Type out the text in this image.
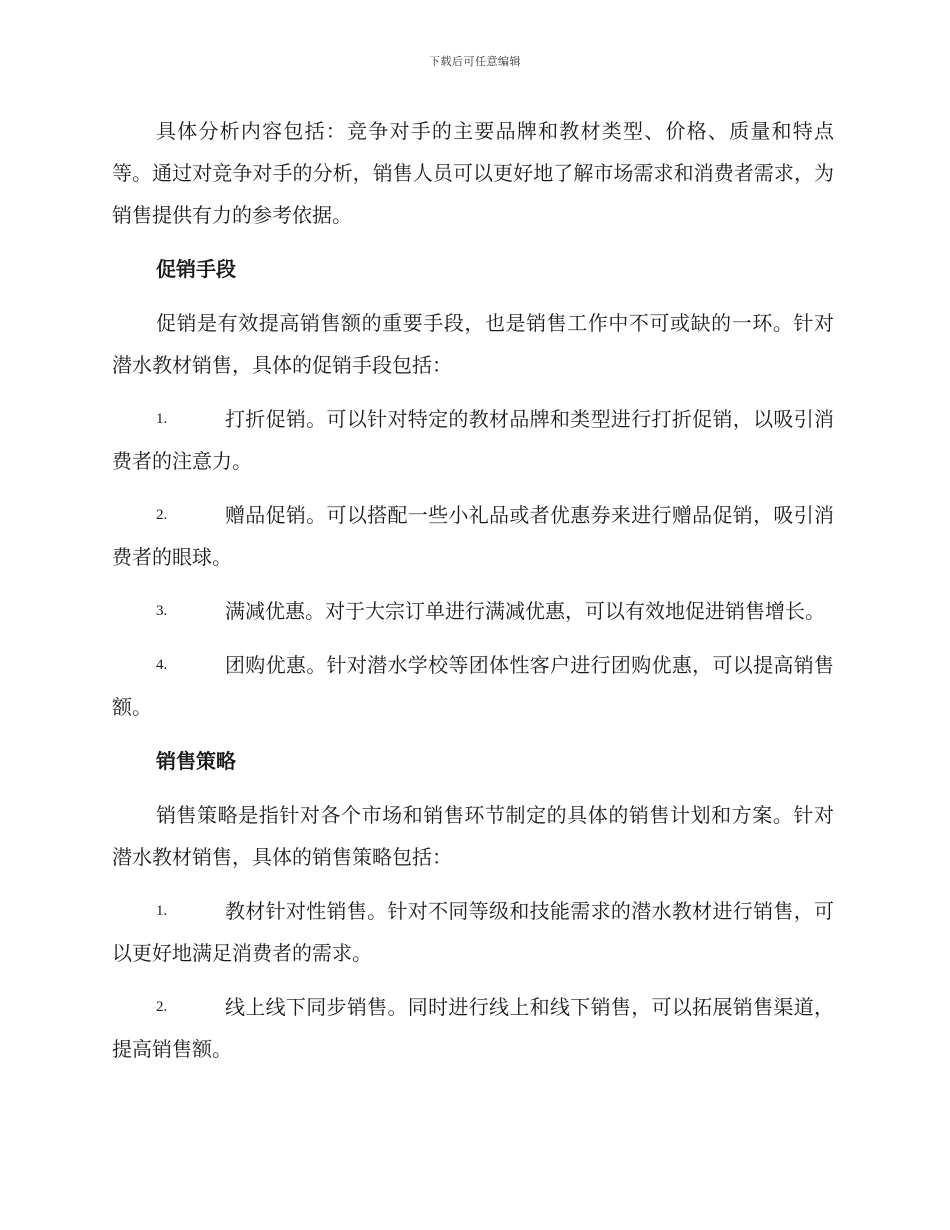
下载后可任意编辑

具体分析内容包括：竞争对手的主要品牌和教材类型、价格、质量和特点等。通过对竞争对手的分析，销售人员可以更好地了解市场需求和消费者需求，为销售提供有力的参考依据。

促销手段

促销是有效提高销售额的重要手段，也是销售工作中不可或缺的一环。针对潜水教材销售，具体的促销手段包括：

1.	打折促销。可以针对特定的教材品牌和类型进行打折促销，以吸引消费者的注意力。
2.	赠品促销。可以搭配一些小礼品或者优惠券来进行赠品促销，吸引消费者的眼球。
3.	满减优惠。对于大宗订单进行满减优惠，可以有效地促进销售增长。
4.	团购优惠。针对潜水学校等团体性客户进行团购优惠，可以提高销售额。
销售策略

销售策略是指针对各个市场和销售环节制定的具体的销售计划和方案。针对潜水教材销售，具体的销售策略包括：

1.	教材针对性销售。针对不同等级和技能需求的潜水教材进行销售，可以更好地满足消费者的需求。
2.	线上线下同步销售。同时进行线上和线下销售，可以拓展销售渠道，提高销售额。
